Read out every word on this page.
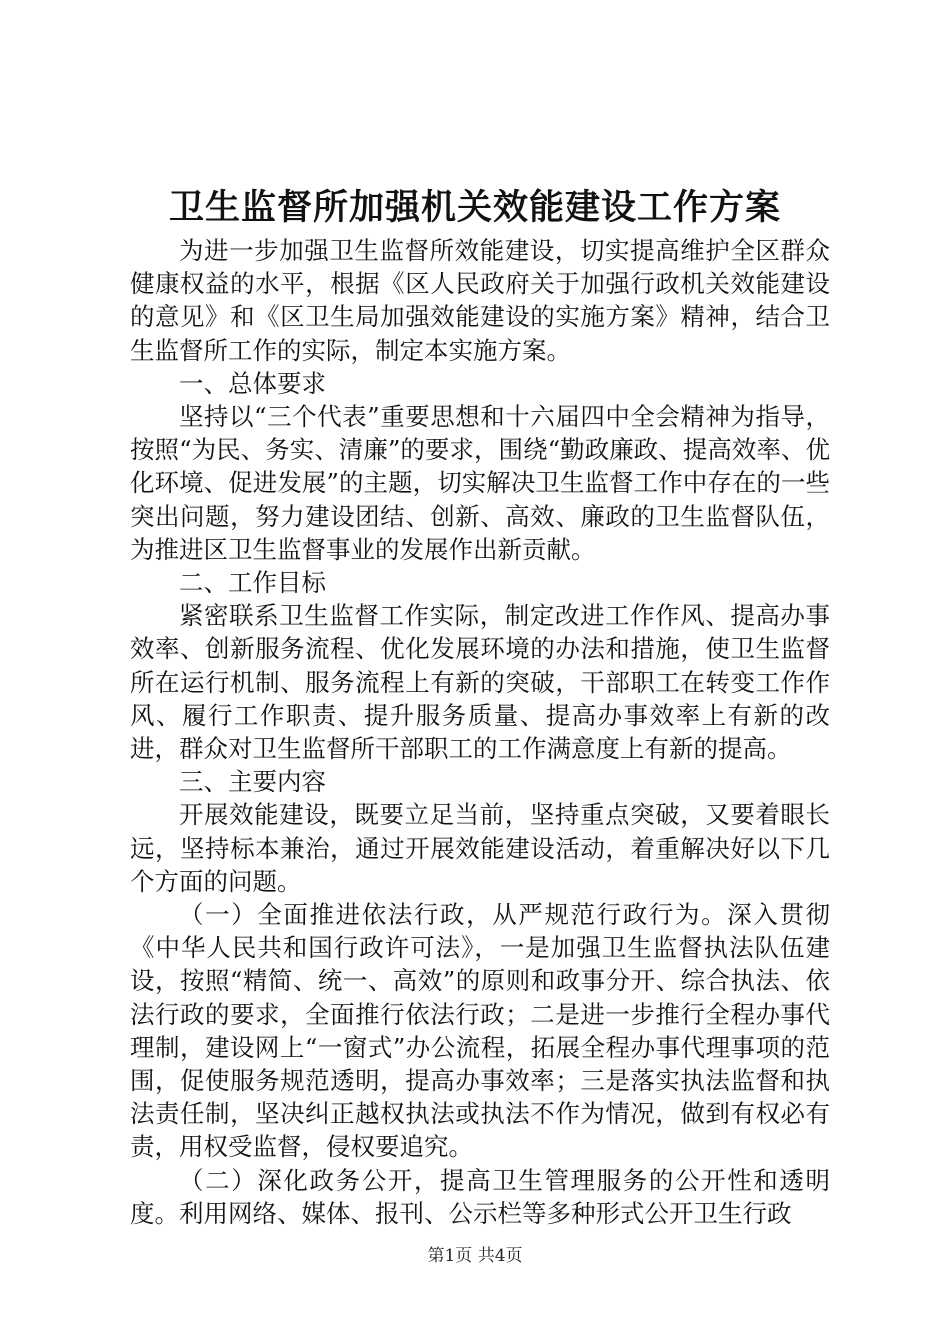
卫生监督所加强机关效能建设工作方案

为进一步加强卫生监督所效能建设，切实提高维护全区群众健康权益的水平，根据《区人民政府关于加强行政机关效能建设的意见》和《区卫生局加强效能建设的实施方案》精神，结合卫生监督所工作的实际，制定本实施方案。

一、总体要求

坚持以“三个代表”重要思想和十六届四中全会精神为指导，按照“为民、务实、清廉”的要求，围绕“勤政廉政、提高效率、优化环境、促进发展”的主题，切实解决卫生监督工作中存在的一些突出问题，努力建设团结、创新、高效、廉政的卫生监督队伍，为推进区卫生监督事业的发展作出新贡献。

二、工作目标

紧密联系卫生监督工作实际，制定改进工作作风、提高办事效率、创新服务流程、优化发展环境的办法和措施，使卫生监督所在运行机制、服务流程上有新的突破，干部职工在转变工作作风、履行工作职责、提升服务质量、提高办事效率上有新的改进，群众对卫生监督所干部职工的工作满意度上有新的提高。

三、主要内容

开展效能建设，既要立足当前，坚持重点突破，又要着眼长远，坚持标本兼治，通过开展效能建设活动，着重解决好以下几个方面的问题。

（一）全面推进依法行政，从严规范行政行为。深入贯彻《中华人民共和国行政许可法》，一是加强卫生监督执法队伍建设，按照“精简、统一、高效”的原则和政事分开、综合执法、依法行政的要求，全面推行依法行政；二是进一步推行全程办事代理制，建设网上“一窗式”办公流程，拓展全程办事代理事项的范围，促使服务规范透明，提高办事效率；三是落实执法监督和执法责任制，坚决纠正越权执法或执法不作为情况，做到有权必有责，用权受监督，侵权要追究。

（二）深化政务公开，提高卫生管理服务的公开性和透明度。利用网络、媒体、报刊、公示栏等多种形式公开卫生行政

第1页 共4页
